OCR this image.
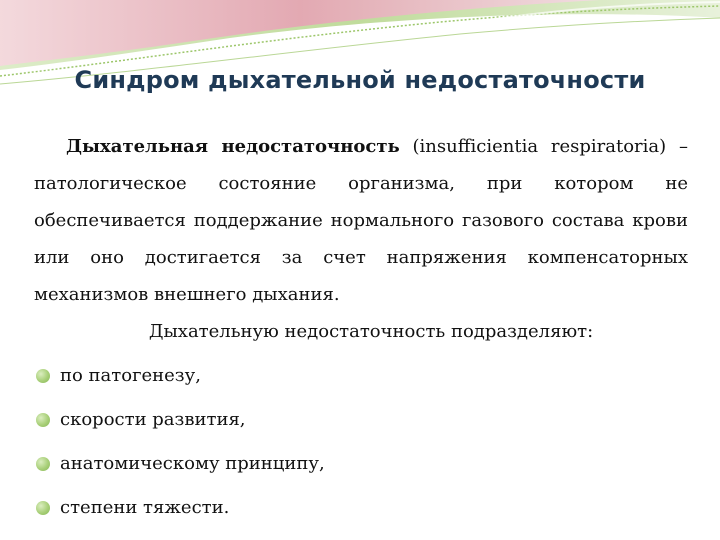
Синдром дыхательной недостаточности

Дыхательная недостаточность (insufficientia respiratoria) – патологическое состояние организма, при котором не обеспечивается поддержание нормального газового состава крови или оно достигается за счет напряжения компенсаторных механизмов внешнего дыхания.

Дыхательную недостаточность подразделяют:

по патогенезу,
скорости развития,
анатомическому принципу,
степени тяжести.
